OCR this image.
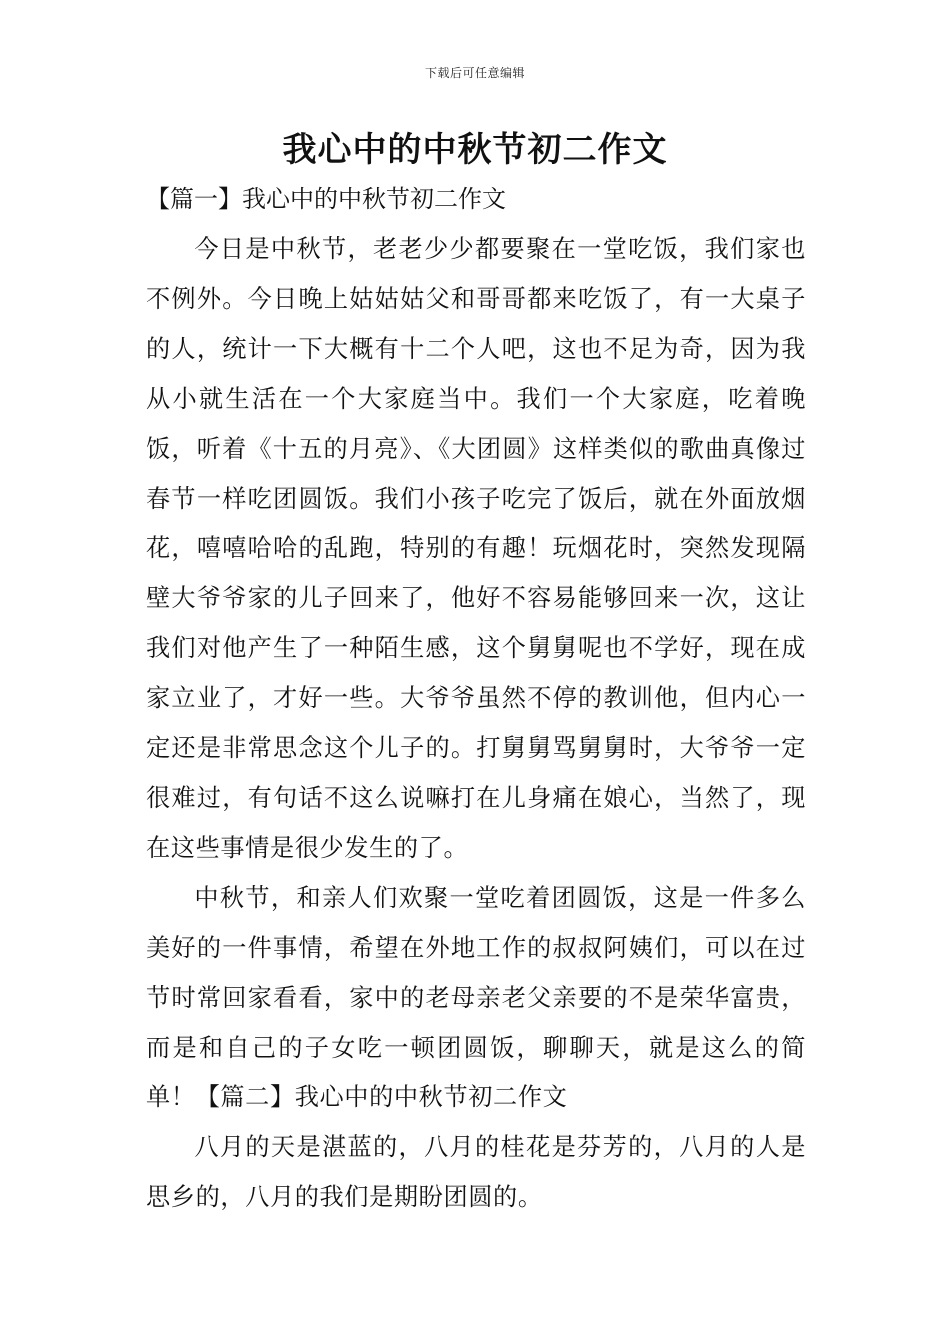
下载后可任意编辑
我心中的中秋节初二作文

【篇一】我心中的中秋节初二作文

今日是中秋节，老老少少都要聚在一堂吃饭，我们家也不例外。今日晚上姑姑姑父和哥哥都来吃饭了，有一大桌子的人，统计一下大概有十二个人吧，这也不足为奇，因为我从小就生活在一个大家庭当中。我们一个大家庭，吃着晚饭，听着《十五的月亮》、《大团圆》这样类似的歌曲真像过春节一样吃团圆饭。我们小孩子吃完了饭后，就在外面放烟花，嘻嘻哈哈的乱跑，特别的有趣！玩烟花时，突然发现隔壁大爷爷家的儿子回来了，他好不容易能够回来一次，这让我们对他产生了一种陌生感，这个舅舅呢也不学好，现在成家立业了，才好一些。大爷爷虽然不停的教训他，但内心一定还是非常思念这个儿子的。打舅舅骂舅舅时，大爷爷一定很难过，有句话不这么说嘛打在儿身痛在娘心，当然了，现在这些事情是很少发生的了。

中秋节，和亲人们欢聚一堂吃着团圆饭，这是一件多么美好的一件事情，希望在外地工作的叔叔阿姨们，可以在过节时常回家看看，家中的老母亲老父亲要的不是荣华富贵，而是和自己的子女吃一顿团圆饭，聊聊天，就是这么的简单！【篇二】我心中的中秋节初二作文

八月的天是湛蓝的，八月的桂花是芬芳的，八月的人是思乡的，八月的我们是期盼团圆的。
